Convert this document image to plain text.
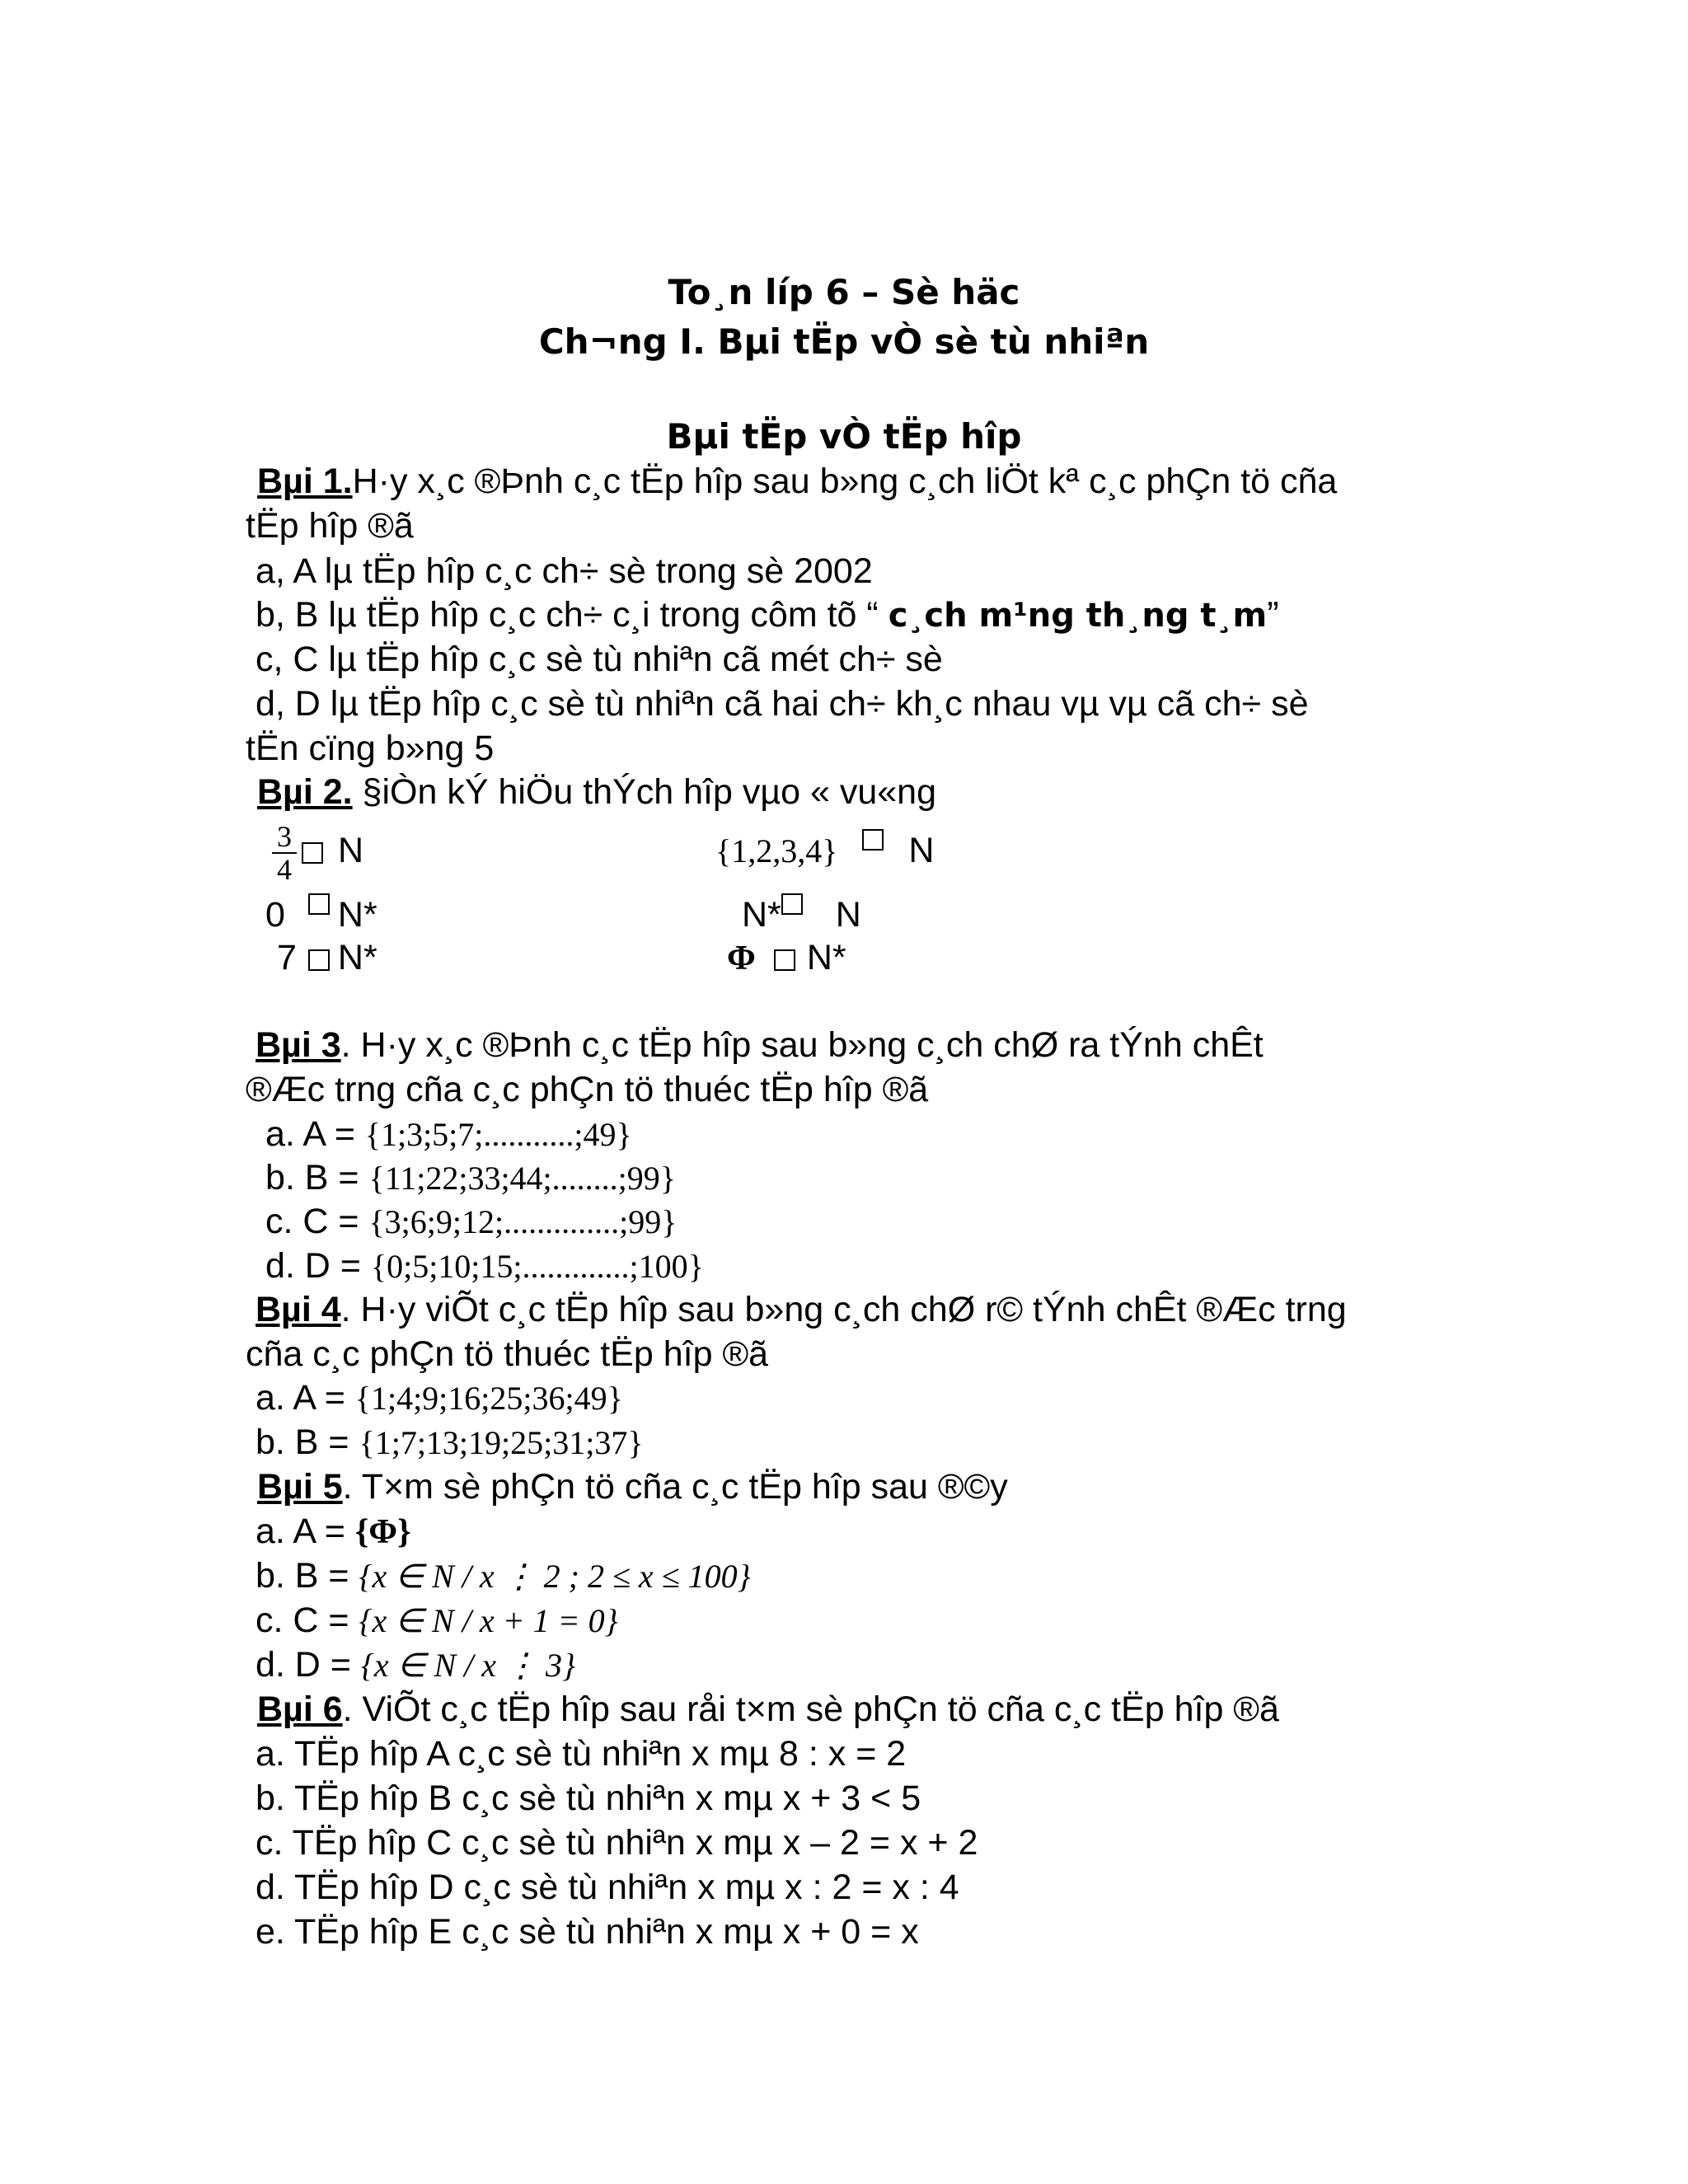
To¸n líp 6 – Sè häc
Ch¬ng I. Bµi tËp vÒ sè tù nhiªn
Bµi tËp vÒ tËp hîp
Bµi 1.H·y x¸c ®Þnh c¸c tËp hîp sau b»ng c¸ch liÖt kª c¸c phÇn tö cña
tËp hîp ®ã
a, A lµ tËp hîp c¸c ch÷ sè trong sè 2002
b, B lµ tËp hîp c¸c ch÷ c¸i trong côm tõ “ c¸ch m¹ng th¸ng t¸m”
c, C lµ tËp hîp c¸c sè tù nhiªn cã mét ch÷ sè
d, D lµ tËp hîp c¸c sè tù nhiªn cã hai ch÷ kh¸c nhau vµ vµ cã ch÷ sè
tËn cïng b»ng 5
Bµi 2. §iÒn kÝ hiÖu thÝch hîp vµo « vu«ng
$\frac{3}{4}$ N	{1,2,3,4} N
0 N*	N* N
7 N*	Φ N*
Bµi 3. H·y x¸c ®Þnh c¸c tËp hîp sau b»ng c¸ch chØ ra tÝnh chÊt
®Æc trng cña c¸c phÇn tö thuéc tËp hîp ®ã
a. A = {1;3;5;7;...........;49}
b. B = {11;22;33;44;........;99}
c. C = {3;6;9;12;..............;99}
d. D = {0;5;10;15;.............;100}
Bµi 4. H·y viÕt c¸c tËp hîp sau b»ng c¸ch chØ r© tÝnh chÊt ®Æc trng
cña c¸c phÇn tö thuéc tËp hîp ®ã
a. A = {1;4;9;16;25;36;49}
b. B = {1;7;13;19;25;31;37}
Bµi 5. T×m sè phÇn tö cña c¸c tËp hîp sau ®©y
a. A = {Φ}
b. B = {x ∈ N / x ⋮ 2 ; 2 ≤ x ≤ 100}
c. C = {x ∈ N / x + 1 = 0}
d. D = {x ∈ N / x ⋮ 3}
Bµi 6. ViÕt c¸c tËp hîp sau råi t×m sè phÇn tö cña c¸c tËp hîp ®ã
a. TËp hîp A c¸c sè tù nhiªn x mµ 8 : x = 2
b. TËp hîp B c¸c sè tù nhiªn x mµ x + 3 < 5
c. TËp hîp C c¸c sè tù nhiªn x mµ x – 2 = x + 2
d. TËp hîp D c¸c sè tù nhiªn x mµ x : 2 = x : 4
e. TËp hîp E c¸c sè tù nhiªn x mµ x + 0 = x
